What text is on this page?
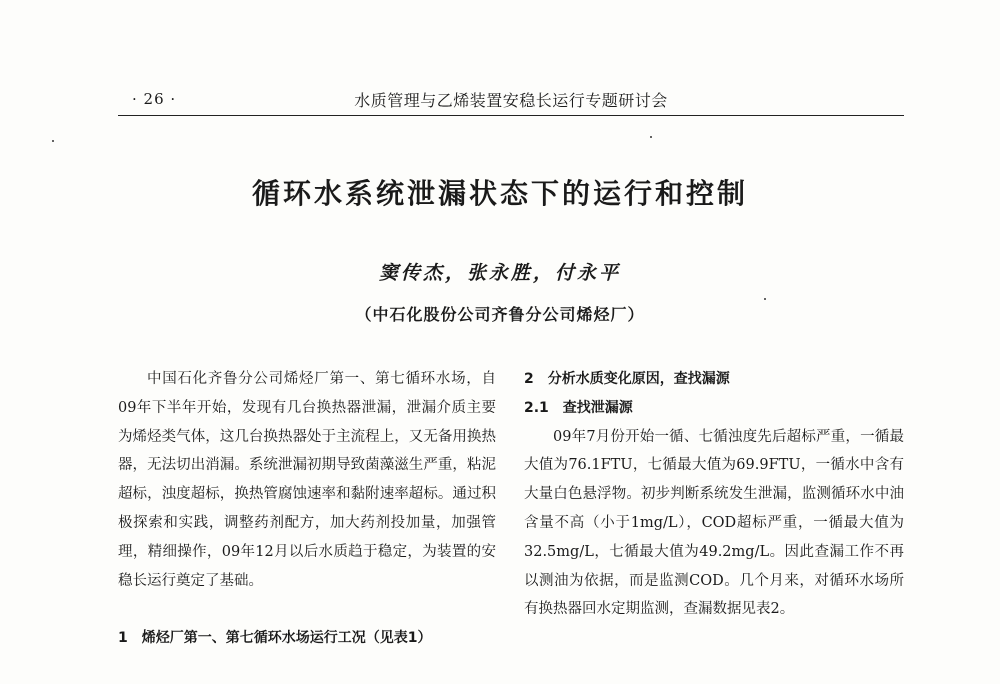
· 26 ·	水质管理与乙烯装置安稳长运行专题研讨会
循环水系统泄漏状态下的运行和控制
窦传杰，张永胜，付永平
（中石化股份公司齐鲁分公司烯烃厂）

中国石化齐鲁分公司烯烃厂第一、第七循环水场，自09年下半年开始，发现有几台换热器泄漏，泄漏介质主要为烯烃类气体，这几台换热器处于主流程上，又无备用换热器，无法切出消漏。系统泄漏初期导致菌藻滋生严重，粘泥超标，浊度超标，换热管腐蚀速率和黏附速率超标。通过积极探索和实践，调整药剂配方，加大药剂投加量，加强管理，精细操作，09年12月以后水质趋于稳定，为装置的安稳长运行奠定了基础。

1　烯烃厂第一、第七循环水场运行工况（见表1）

2　分析水质变化原因，查找漏源

2.1　查找泄漏源

09年7月份开始一循、七循浊度先后超标严重，一循最大值为76.1FTU，七循最大值为69.9FTU，一循水中含有大量白色悬浮物。初步判断系统发生泄漏，监测循环水中油含量不高（小于1mg/L），COD超标严重，一循最大值为32.5mg/L，七循最大值为49.2mg/L。因此查漏工作不再以测油为依据，而是监测COD。几个月来，对循环水场所有换热器回水定期监测，查漏数据见表2。
